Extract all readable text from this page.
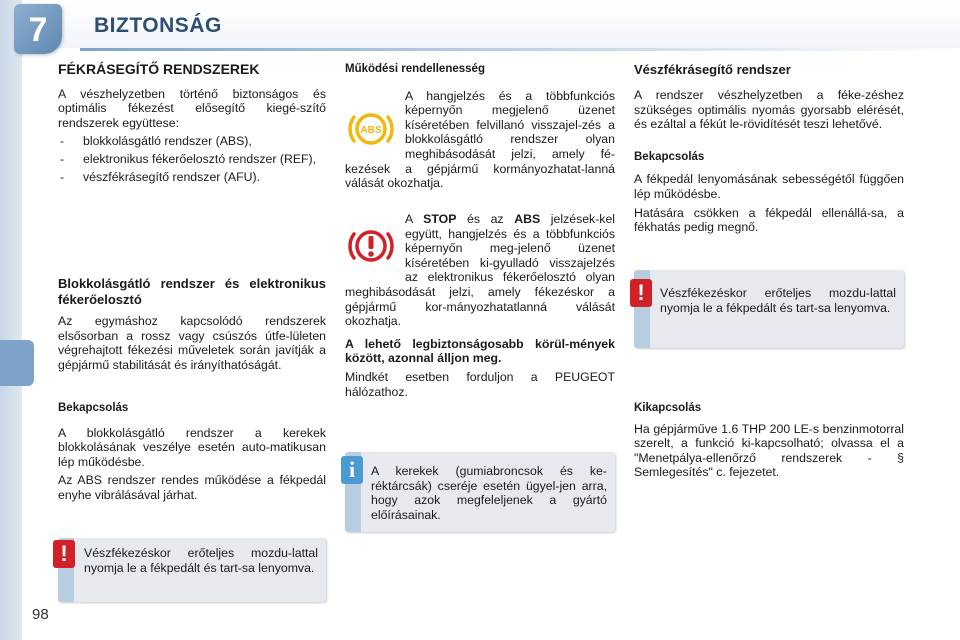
7	BIZTONSÁG
FÉKRÁSEGÍTŐ RENDSZEREK

A vészhelyzetben történő biztonságos és optimális fékezést elősegítő kiegé-szítő rendszerek együttese:

- blokkolásgátló rendszer (ABS),
- elektronikus fékerőelosztó rendszer (REF),
- vészfékrásegítő rendszer (AFU).
Blokkolásgátló rendszer és elektronikus fékerőelosztó

Az egymáshoz kapcsolódó rendszerek elsősorban a rossz vagy csúszós útfe-lületen végrehajtott fékezési műveletek során javítják a gépjármű stabilitását és irányíthatóságát.

Bekapcsolás

A blokkolásgátló rendszer a kerekek blokkolásának veszélye esetén auto-matikusan lép működésbe.

Az ABS rendszer rendes működése a fékpedál enyhe vibrálásával járhat.

Vészfékezéskor erőteljes mozdu-lattal nyomja le a fékpedált és tart-sa lenyomva.
!
Működési rendellenesség
ABS

A hangjelzés és a többfunkciós képernyőn megjelenő üzenet kíséretében felvillanó visszajel-zés a blokkolásgátló rendszer olyan meghibásodását jelzi, amely fé-kezések a gépjármű kormányozhatat-lanná válását okozhatja.

A STOP és az ABS jelzések-kel együtt, hangjelzés és a többfunkciós képernyőn meg-jelenő üzenet kíséretében ki-gyulladó visszajelzés az elektronikus fékerőelosztó olyan meghibásodását jelzi, amely fékezéskor a gépjármű kor-mányozhatatlanná válását okozhatja.

A lehető legbiztonságosabb körül-mények között, azonnal álljon meg.

Mindkét esetben forduljon a PEUGEOT hálózathoz.

A kerekek (gumiabroncsok és ke-réktárcsák) cseréje esetén ügyel-jen arra, hogy azok megfeleljenek a gyártó előírásainak.
i
Vészfékrásegítő rendszer

A rendszer vészhelyzetben a féke-zéshez szükséges optimális nyomás gyorsabb elérését, és ezáltal a fékút le-rövidítését teszi lehetővé.

Bekapcsolás

A fékpedál lenyomásának sebességétől függően lép működésbe.

Hatására csökken a fékpedál ellenállá-sa, a fékhatás pedig megnő.

Vészfékezéskor erőteljes mozdu-lattal nyomja le a fékpedált és tart-sa lenyomva.
!
Kikapcsolás

Ha gépjárműve 1.6 THP 200 LE-s benzinmotorral szerelt, a funkció ki-kapcsolható; olvassa el a "Menetpálya-ellenőrző rendszerek - § Semlegesítés" c. fejezetet.

98
